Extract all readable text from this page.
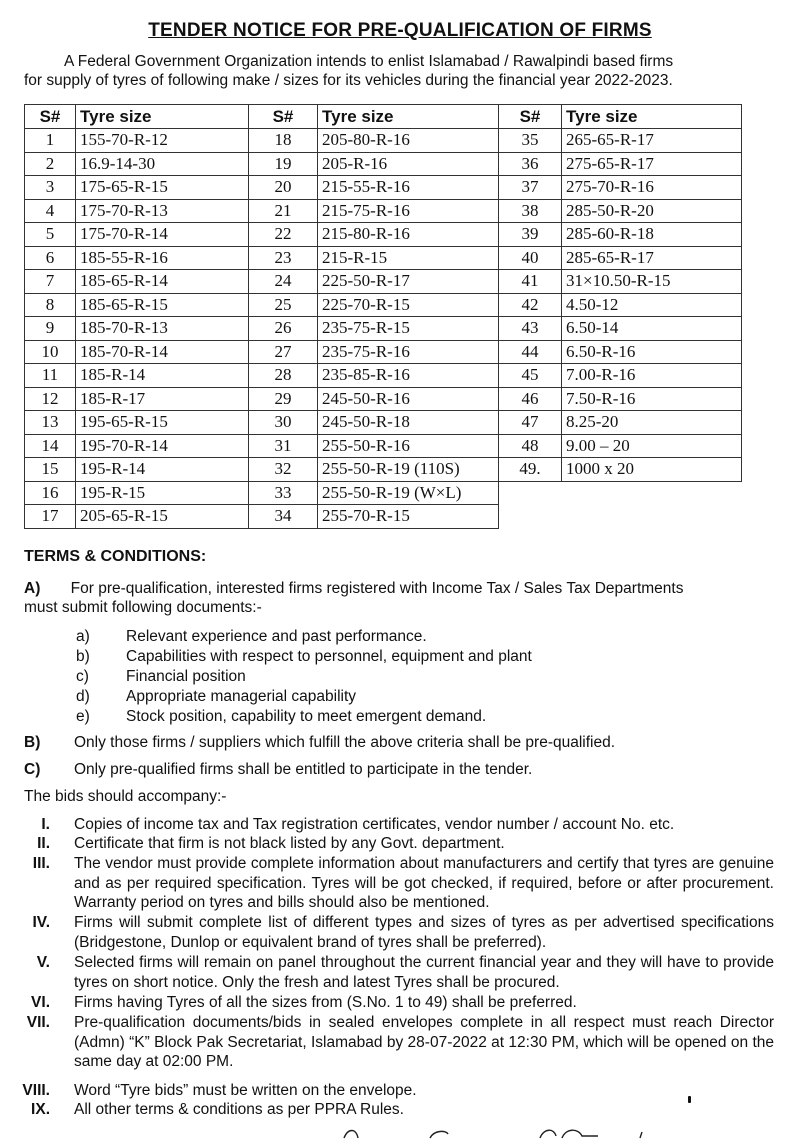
TENDER NOTICE FOR PRE-QUALIFICATION OF FIRMS
A Federal Government Organization intends to enlist Islamabad / Rawalpindi based firms
for supply of tyres of following make / sizes for its vehicles during the financial year 2022-2023.
S#	Tyre size	S#	Tyre size	S#	Tyre size
1	155-70-R-12	18	205-80-R-16	35	265-65-R-17
2	16.9-14-30	19	205-R-16	36	275-65-R-17
3	175-65-R-15	20	215-55-R-16	37	275-70-R-16
4	175-70-R-13	21	215-75-R-16	38	285-50-R-20
5	175-70-R-14	22	215-80-R-16	39	285-60-R-18
6	185-55-R-16	23	215-R-15	40	285-65-R-17
7	185-65-R-14	24	225-50-R-17	41	31×10.50-R-15
8	185-65-R-15	25	225-70-R-15	42	4.50-12
9	185-70-R-13	26	235-75-R-15	43	6.50-14
10	185-70-R-14	27	235-75-R-16	44	6.50-R-16
11	185-R-14	28	235-85-R-16	45	7.00-R-16
12	185-R-17	29	245-50-R-16	46	7.50-R-16
13	195-65-R-15	30	245-50-R-18	47	8.25-20
14	195-70-R-14	31	255-50-R-16	48	9.00 – 20
15	195-R-14	32	255-50-R-19 (110S)	49.	1000 x 20
16	195-R-15	33	255-50-R-19 (W×L)		
17	205-65-R-15	34	255-70-R-15		
TERMS & CONDITIONS:
A) For pre-qualification, interested firms registered with Income Tax / Sales Tax Departments
must submit following documents:-
a) Relevant experience and past performance.
b) Capabilities with respect to personnel, equipment and plant
c) Financial position
d) Appropriate managerial capability
e) Stock position, capability to meet emergent demand.
B) Only those firms / suppliers which fulfill the above criteria shall be pre-qualified.
C) Only pre-qualified firms shall be entitled to participate in the tender.
The bids should accompany:-
I. Copies of income tax and Tax registration certificates, vendor number / account No. etc.
II. Certificate that firm is not black listed by any Govt. department.
III. The vendor must provide complete information about manufacturers and certify that tyres are genuine and as per required specification. Tyres will be got checked, if required, before or after procurement. Warranty period on tyres and bills should also be mentioned.
IV. Firms will submit complete list of different types and sizes of tyres as per advertised specifications (Bridgestone, Dunlop or equivalent brand of tyres shall be preferred).
V. Selected firms will remain on panel throughout the current financial year and they will have to provide tyres on short notice. Only the fresh and latest Tyres shall be procured.
VI. Firms having Tyres of all the sizes from (S.No. 1 to 49) shall be preferred.
VII. Pre-qualification documents/bids in sealed envelopes complete in all respect must reach Director (Admn) “K” Block Pak Secretariat, Islamabad by 28-07-2022 at 12:30 PM, which will be opened on the same day at 02:00 PM.
VIII. Word “Tyre bids” must be written on the envelope.
IX. All other terms & conditions as per PPRA Rules.
